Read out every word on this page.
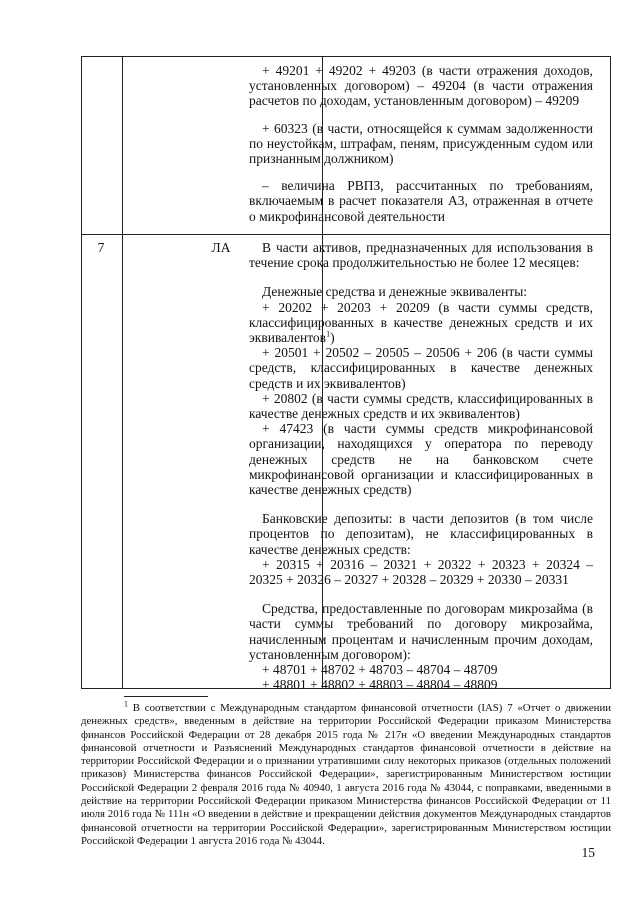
+ 49201 + 49202 + 49203 (в части отражения доходов, установленных договором) – 49204 (в части отражения расчетов по доходам, установленным договором) – 49209

+ 60323 (в части, относящейся к суммам задолженности по неустойкам, штрафам, пеням, присужденным судом или признанным должником)

– величина РВПЗ, рассчитанных по требованиям, включаемым в расчет показателя А3, отраженная в отчете о микрофинансовой деятельности

7	ЛА	В части активов, предназначенных для использования в течение срока продолжительностью не более 12 месяцев:

Денежные средства и денежные эквиваленты:

+ 20202 + 20203 + 20209 (в части суммы средств, классифицированных в качестве денежных средств и их эквивалентов$^1$)

+ 20501 + 20502 – 20505 – 20506 + 206 (в части суммы средств, классифицированных в качестве денежных средств и их эквивалентов)

+ 20802 (в части суммы средств, классифицированных в качестве денежных средств и их эквивалентов)

+ 47423 (в части суммы средств микрофинансовой организации, находящихся у оператора по переводу денежных средств не на банковском счете микрофинансовой организации и классифицированных в качестве денежных средств)

Банковские депозиты: в части депозитов (в том числе процентов по депозитам), не классифицированных в качестве денежных средств:

+ 20315 + 20316 – 20321 + 20322 + 20323 + 20324 – 20325 + 20326 – 20327 + 20328 – 20329 + 20330 – 20331

Средства, предоставленные по договорам микрозайма (в части суммы требований по договору микрозайма, начисленным процентам и начисленным прочим доходам, установленным договором):

+ 48701 + 48702 + 48703 – 48704 – 48709

+ 48801 + 48802 + 48803 – 48804 – 48809

$^1$ В соответствии с Международным стандартом финансовой отчетности (IAS) 7 «Отчет о движении денежных средств», введенным в действие на территории Российской Федерации приказом Министерства финансов Российской Федерации от 28 декабря 2015 года № 217н «О введении Международных стандартов финансовой отчетности и Разъяснений Международных стандартов финансовой отчетности в действие на территории Российской Федерации и о признании утратившими силу некоторых приказов (отдельных положений приказов) Министерства финансов Российской Федерации», зарегистрированным Министерством юстиции Российской Федерации 2 февраля 2016 года № 40940, 1 августа 2016 года № 43044, с поправками, введенными в действие на территории Российской Федерации приказом Министерства финансов Российской Федерации от 11 июля 2016 года № 111н «О введении в действие и прекращении действия документов Международных стандартов финансовой отчетности на территории Российской Федерации», зарегистрированным Министерством юстиции Российской Федерации 1 августа 2016 года № 43044.

15
